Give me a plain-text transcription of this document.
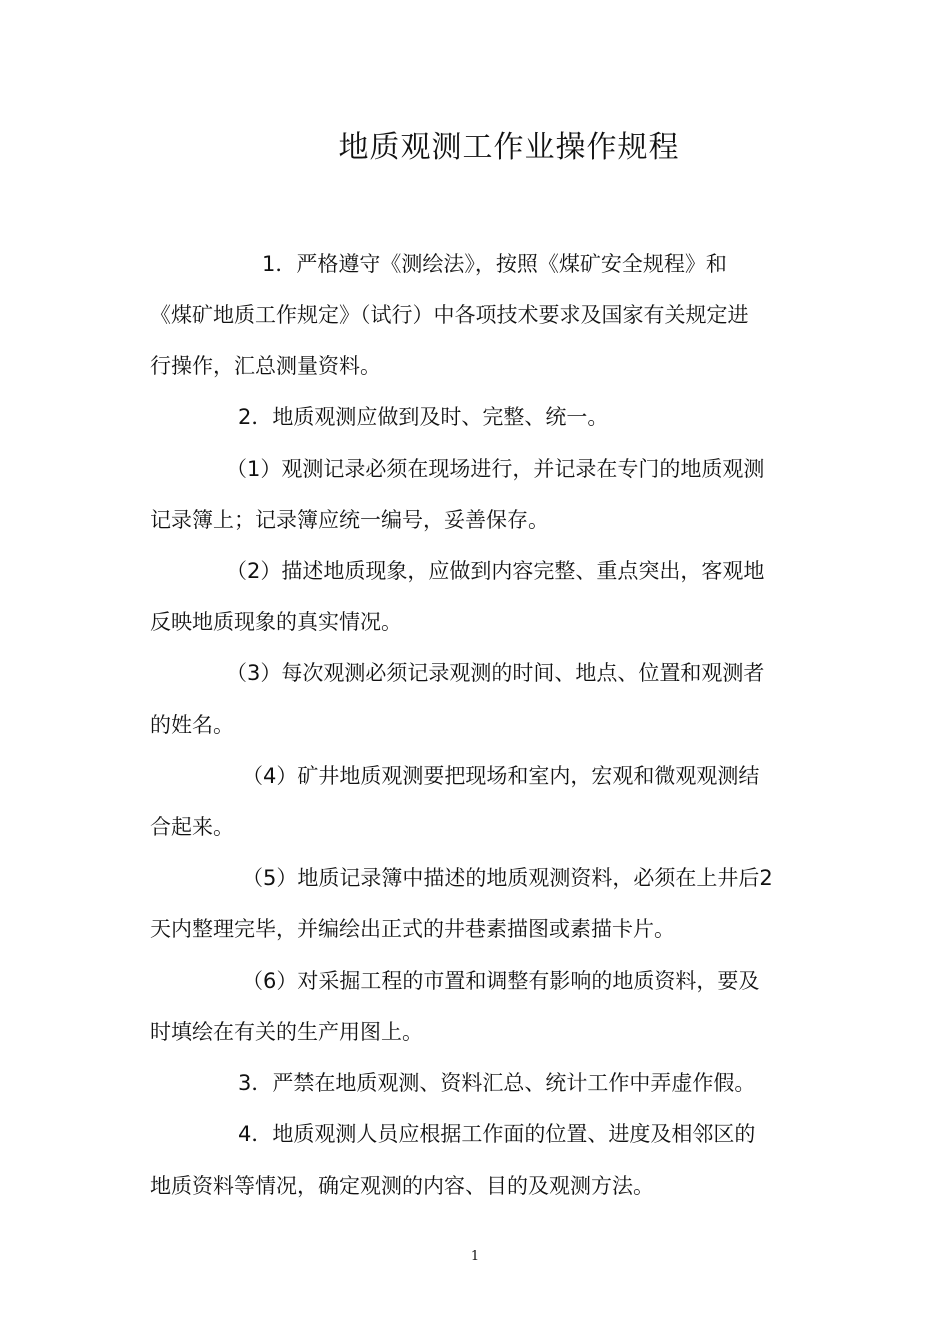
地质观测工作业操作规程

1．严格遵守《测绘法》，按照《煤矿安全规程》和

《煤矿地质工作规定》（试行）中各项技术要求及国家有关规定进

行操作，汇总测量资料。

2．地质观测应做到及时、完整、统一。

（1）观测记录必须在现场进行，并记录在专门的地质观测

记录簿上；记录簿应统一编号，妥善保存。

（2）描述地质现象，应做到内容完整、重点突出，客观地

反映地质现象的真实情况。

（3）每次观测必须记录观测的时间、地点、位置和观测者

的姓名。

（4）矿井地质观测要把现场和室内，宏观和微观观测结

合起来。

（5）地质记录簿中描述的地质观测资料，必须在上井后2

天内整理完毕，并编绘出正式的井巷素描图或素描卡片。

（6）对采掘工程的市置和调整有影响的地质资料，要及

时填绘在有关的生产用图上。

3．严禁在地质观测、资料汇总、统计工作中弄虚作假。

4．地质观测人员应根据工作面的位置、进度及相邻区的

地质资料等情况，确定观测的内容、目的及观测方法。

1
